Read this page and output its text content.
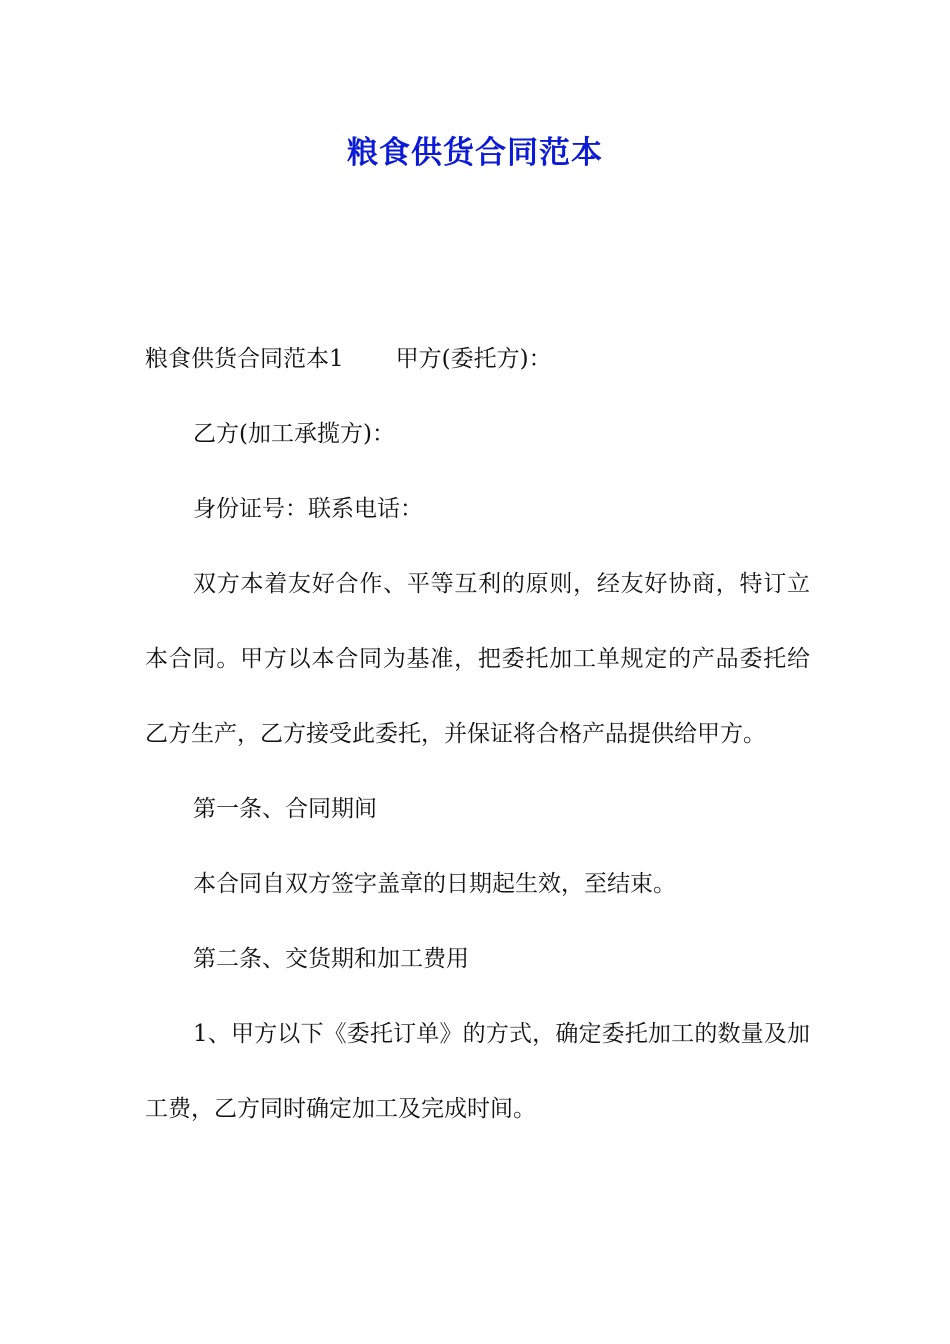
粮食供货合同范本

粮食供货合同范本1 甲方(委托方)：

乙方(加工承揽方)：

身份证号：联系电话：

双方本着友好合作、平等互利的原则，经友好协商，特订立本合同。甲方以本合同为基准，把委托加工单规定的产品委托给乙方生产，乙方接受此委托，并保证将合格产品提供给甲方。

第一条、合同期间

本合同自双方签字盖章的日期起生效，至结束。

第二条、交货期和加工费用

1、甲方以下《委托订单》的方式，确定委托加工的数量及加工费，乙方同时确定加工及完成时间。
